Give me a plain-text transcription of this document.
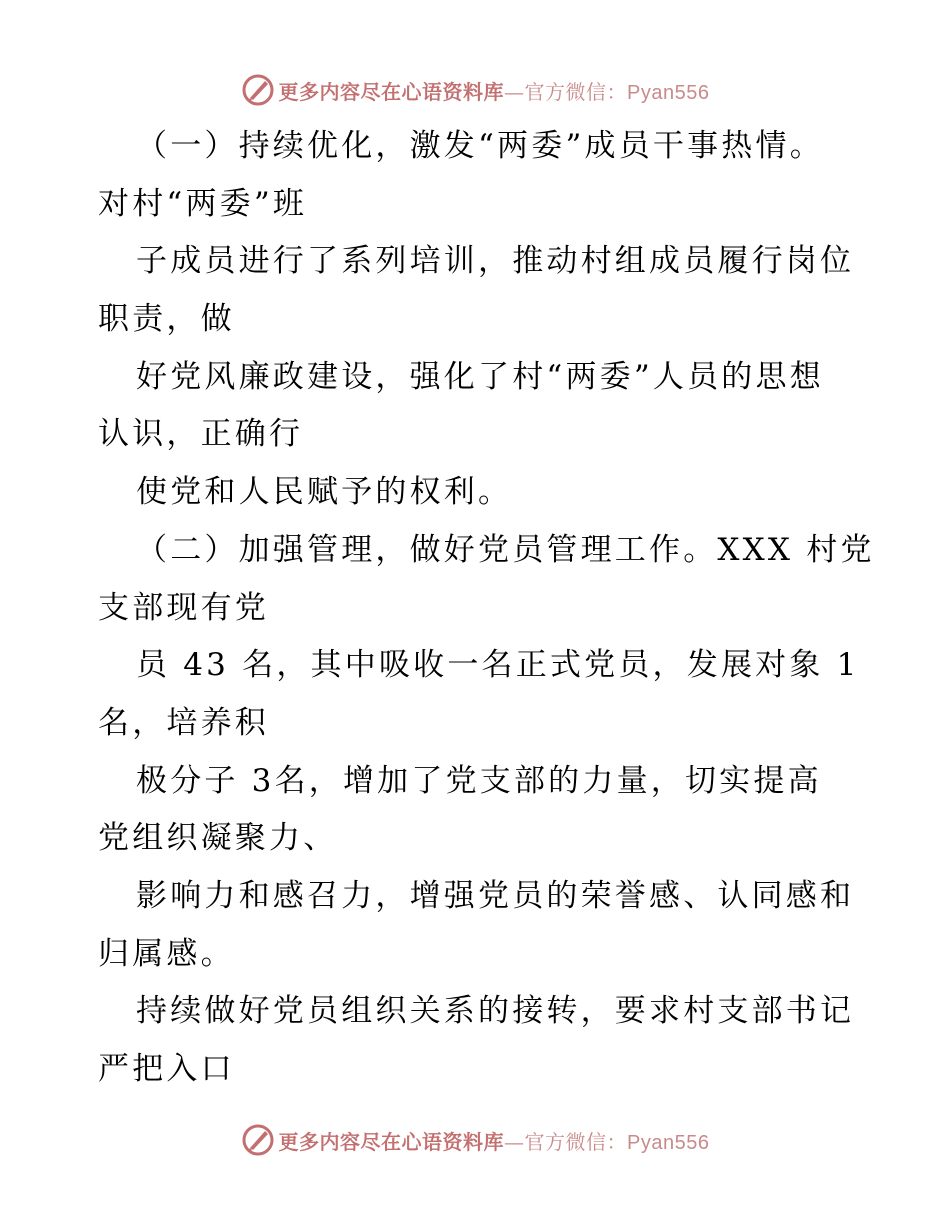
更多内容尽在心语资料库—官方微信：Pyan556
（一）持续优化，激发“两委”成员干事热情。
对村“两委”班
子成员进行了系列培训，推动村组成员履行岗位
职责，做
好党风廉政建设，强化了村“两委”人员的思想
认识，正确行
使党和人民赋予的权利。
（二）加强管理，做好党员管理工作。XXX 村党
支部现有党
员 43 名，其中吸收一名正式党员，发展对象 1
名，培养积
极分子 3名，增加了党支部的力量，切实提高
党组织凝聚力、
影响力和感召力，增强党员的荣誉感、认同感和
归属感。
持续做好党员组织关系的接转，要求村支部书记
严把入口
更多内容尽在心语资料库—官方微信：Pyan556
